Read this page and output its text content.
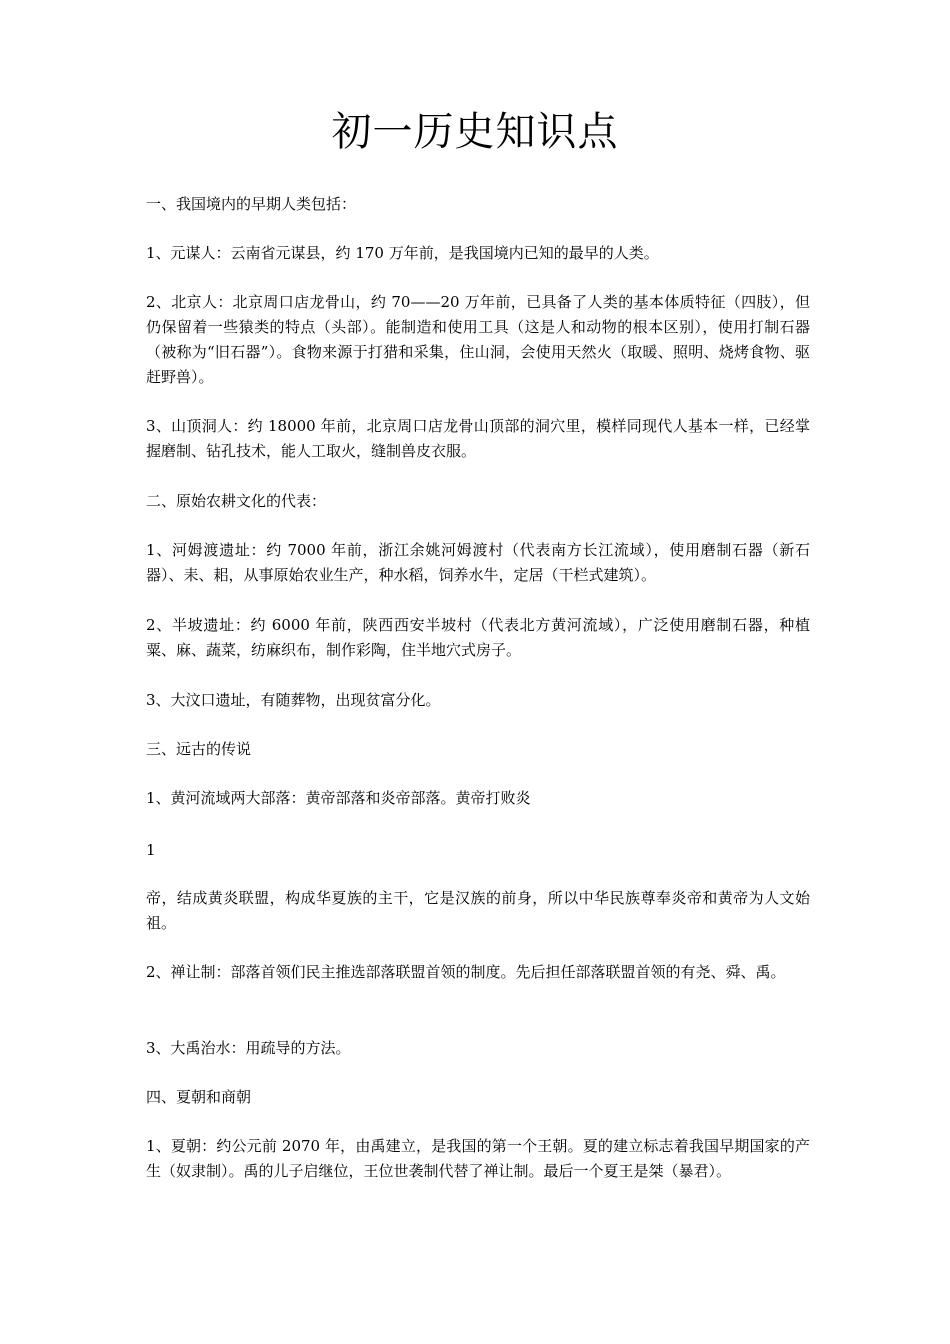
初一历史知识点

一、我国境内的早期人类包括：

1、元谋人：云南省元谋县，约 170 万年前，是我国境内已知的最早的人类。

2、北京人：北京周口店龙骨山，约 70——20 万年前，已具备了人类的基本体质特征（四肢），但仍保留着一些猿类的特点（头部）。能制造和使用工具（这是人和动物的根本区别），使用打制石器（被称为“旧石器”）。食物来源于打猎和采集，住山洞，会使用天然火（取暖、照明、烧烤食物、驱赶野兽）。

3、山顶洞人：约 18000 年前，北京周口店龙骨山顶部的洞穴里，模样同现代人基本一样，已经掌握磨制、钻孔技术，能人工取火，缝制兽皮衣服。

二、原始农耕文化的代表：

1、河姆渡遗址：约 7000 年前，浙江余姚河姆渡村（代表南方长江流域），使用磨制石器（新石器）、耒、耜，从事原始农业生产，种水稻，饲养水牛，定居（干栏式建筑）。

2、半坡遗址：约 6000 年前，陕西西安半坡村（代表北方黄河流域），广泛使用磨制石器，种植粟、麻、蔬菜，纺麻织布，制作彩陶，住半地穴式房子。

3、大汶口遗址，有随葬物，出现贫富分化。

三、远古的传说

1、黄河流域两大部落：黄帝部落和炎帝部落。黄帝打败炎

1

帝，结成黄炎联盟，构成华夏族的主干，它是汉族的前身，所以中华民族尊奉炎帝和黄帝为人文始祖。

2、禅让制：部落首领们民主推选部落联盟首领的制度。先后担任部落联盟首领的有尧、舜、禹。

3、大禹治水：用疏导的方法。

四、夏朝和商朝

1、夏朝：约公元前 2070 年，由禹建立，是我国的第一个王朝。夏的建立标志着我国早期国家的产生（奴隶制）。禹的儿子启继位，王位世袭制代替了禅让制。最后一个夏王是桀（暴君）。
